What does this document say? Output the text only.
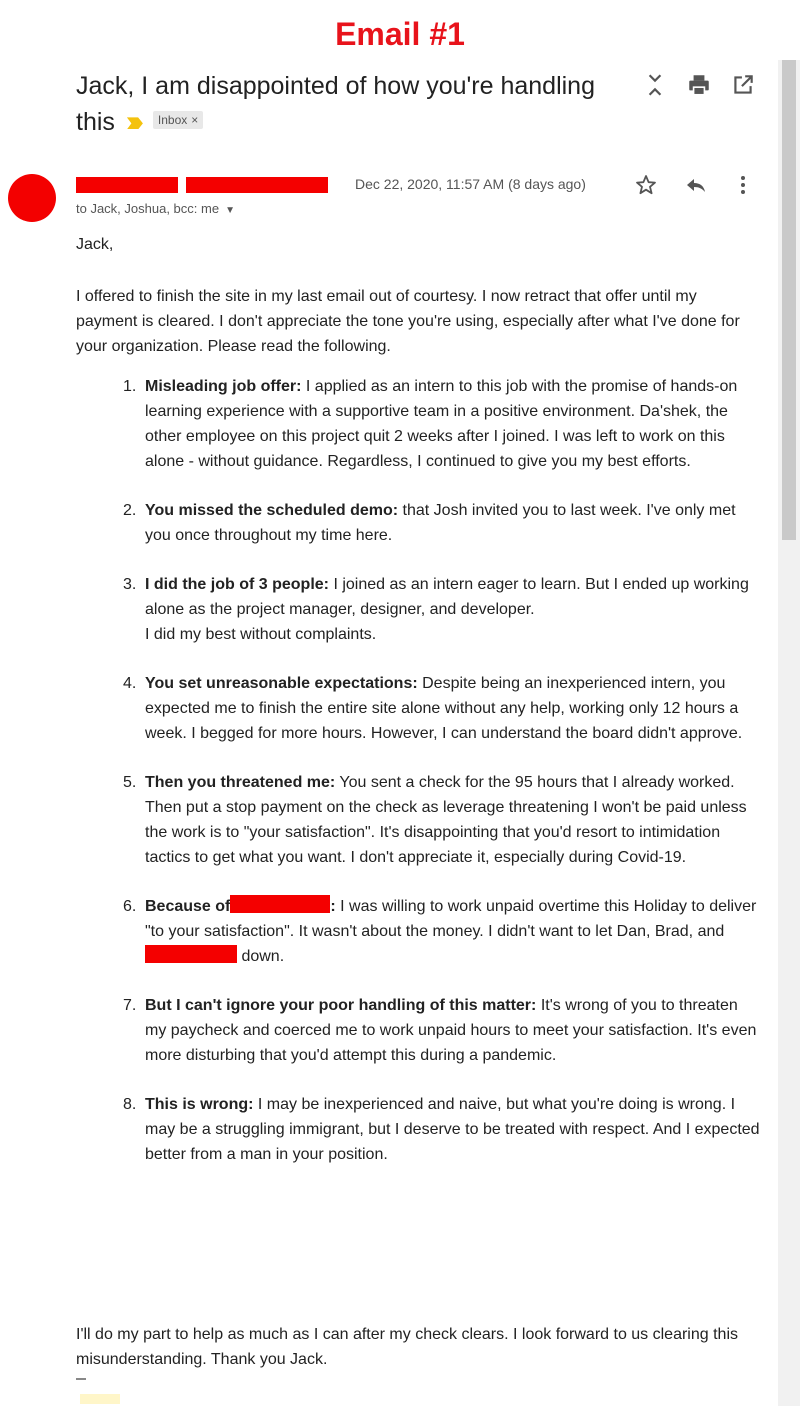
Email #1
Jack, I am disappointed of how you're handling this	Inbox ×
Dec 22, 2020, 11:57 AM (8 days ago)
to Jack, Joshua, bcc: me ▼
Jack,
I offered to finish the site in my last email out of courtesy. I now retract that offer until my payment is cleared. I don't appreciate the tone you're using, especially after what I've done for your organization. Please read the following.
1. Misleading job offer: I applied as an intern to this job with the promise of hands-on learning experience with a supportive team in a positive environment. Da'shek, the other employee on this project quit 2 weeks after I joined. I was left to work on this alone - without guidance. Regardless, I continued to give you my best efforts.
2. You missed the scheduled demo: that Josh invited you to last week. I've only met you once throughout my time here.
3. I did the job of 3 people: I joined as an intern eager to learn. But I ended up working alone as the project manager, designer, and developer.
I did my best without complaints.
4. You set unreasonable expectations: Despite being an inexperienced intern, you expected me to finish the entire site alone without any help, working only 12 hours a week. I begged for more hours. However, I can understand the board didn't approve.
5. Then you threatened me: You sent a check for the 95 hours that I already worked. Then put a stop payment on the check as leverage threatening I won't be paid unless the work is to "your satisfaction". It's disappointing that you'd resort to intimidation tactics to get what you want. I don't appreciate it, especially during Covid-19.
6. Because of	: I was willing to work unpaid overtime this Holiday to deliver "to your satisfaction". It wasn't about the money. I didn't want to let Dan, Brad, and  down.
7. But I can't ignore your poor handling of this matter: It's wrong of you to threaten my paycheck and coerced me to work unpaid hours to meet your satisfaction. It's even more disturbing that you'd attempt this during a pandemic.
8. This is wrong: I may be inexperienced and naive, but what you're doing is wrong. I may be a struggling immigrant, but I deserve to be treated with respect. And I expected better from a man in your position.
I'll do my part to help as much as I can after my check clears. I look forward to us clearing this misunderstanding. Thank you Jack.
